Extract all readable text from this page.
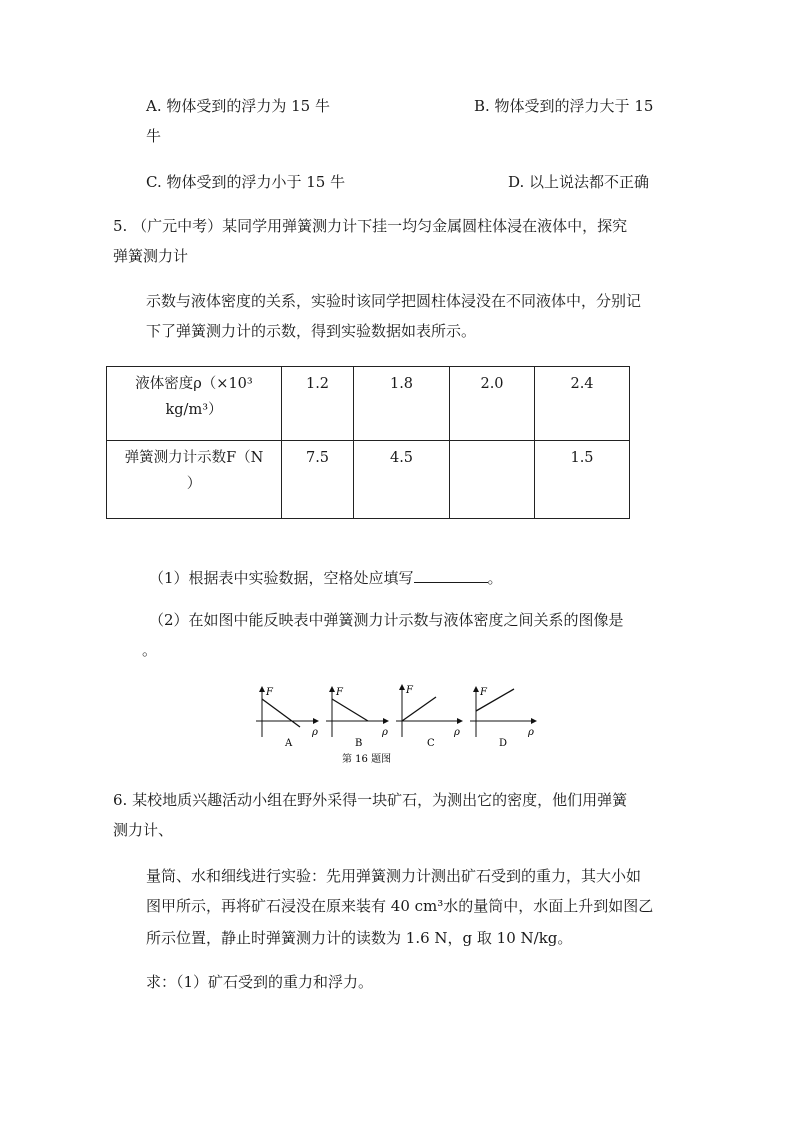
A. 物体受到的浮力为 15 牛	B. 物体受到的浮力大于 15
牛
C. 物体受到的浮力小于 15 牛	D. 以上说法都不正确
5. （广元中考）某同学用弹簧测力计下挂一均匀金属圆柱体浸在液体中，探究
弹簧测力计
示数与液体密度的关系，实验时该同学把圆柱体浸没在不同液体中，分别记
下了弹簧测力计的示数，得到实验数据如表所示。
液体密度ρ（×10³
kg/m³）	1.2	1.8	2.0	2.4

弹簧测力计示数F（N
）	7.5	4.5		1.5
（1）根据表中实验数据，空格处应填写	。
（2）在如图中能反映表中弹簧测力计示数与液体密度之间关系的图像是
。
F
ρ
A
F
ρ
B
F
ρ
C
F
ρ
D
第 16 题图
6. 某校地质兴趣活动小组在野外采得一块矿石，为测出它的密度，他们用弹簧
测力计、
量筒、水和细线进行实验：先用弹簧测力计测出矿石受到的重力，其大小如
图甲所示，再将矿石浸没在原来装有 40 cm³水的量筒中，水面上升到如图乙
所示位置，静止时弹簧测力计的读数为 1.6 N，g 取 10 N/kg。
求：（1）矿石受到的重力和浮力。
